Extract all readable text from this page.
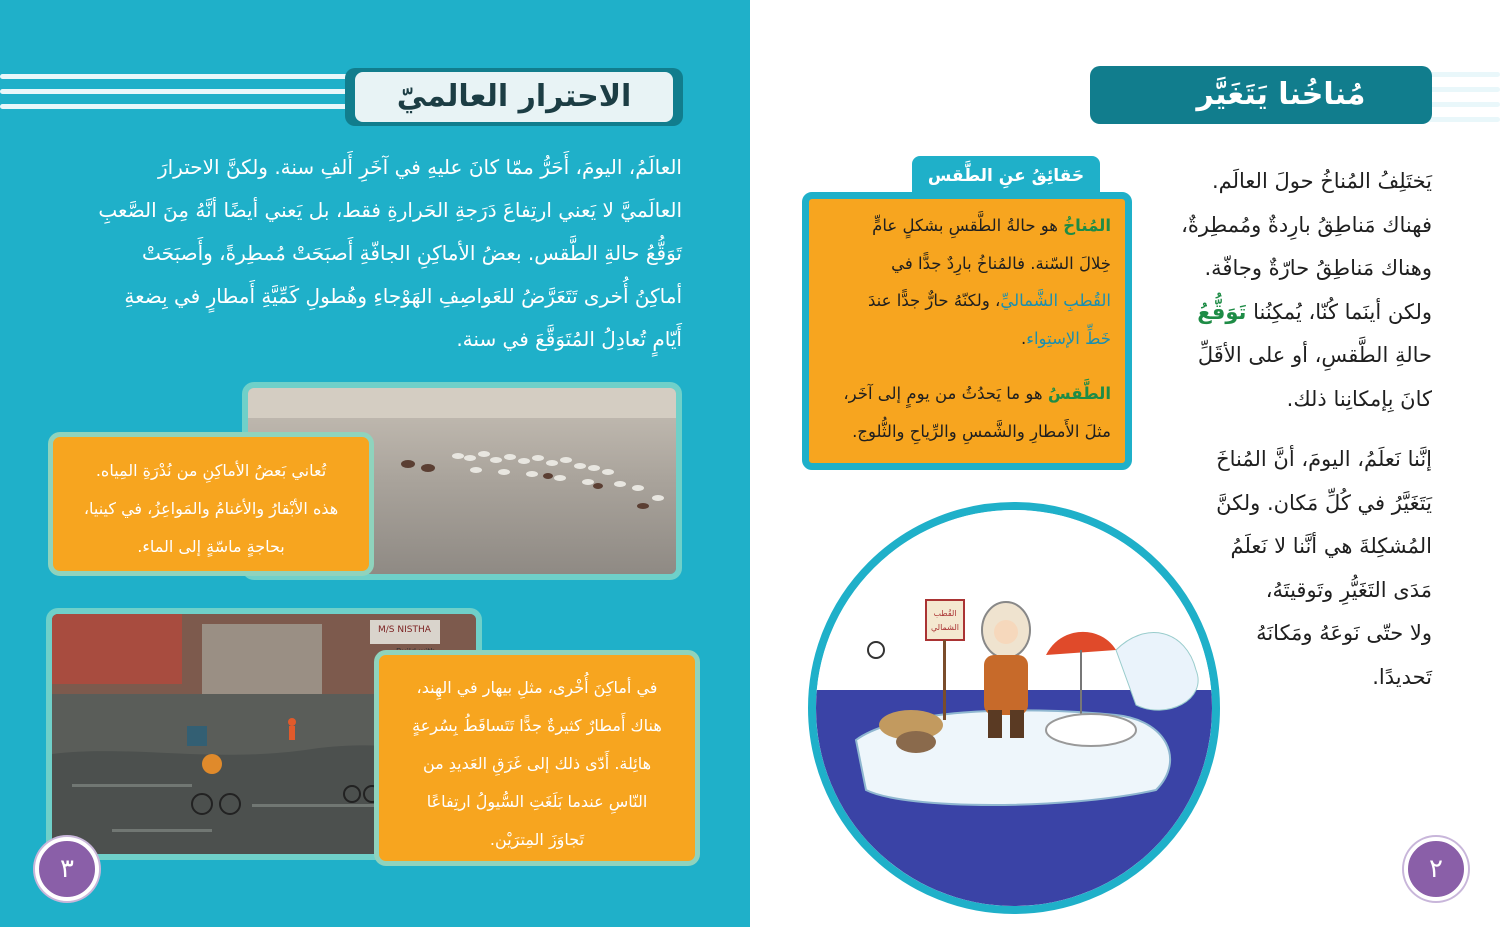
الاحترار العالميّ
العالَمُ، اليومَ، أَحَرُّ ممّا كانَ عليهِ في آخَرِ أَلفِ سنة. ولكنَّ الاحترارَ
العالَميَّ لا يَعني ارتِفاعَ دَرَجةِ الحَرارةِ فقط، بل يَعني أيضًا أنَّهُ مِنَ الصَّعبِ
تَوَقُّعُ حالةِ الطَّقس. بعضُ الأماكِنِ الجافّةِ أَصبَحَتْ مُمطِرةً، وأَصبَحَتْ
أماكِنُ أُخرى تَتَعَرَّضُ للعَواصِفِ الهَوْجاءِ وهُطولِ كَمِّيَّةِ أَمطارٍ في بِضعةِ
أَيّامٍ تُعادِلُ المُتَوَقَّعَ في سنة.
تُعاني بَعضُ الأماكِنِ من نُدْرَةِ المِياه.
هذه الأبْقارُ والأغنامُ والمَواعِزُ، في كينيا،
بحاجةٍ ماسّةٍ إلى الماء.
M/S NISTHA
في أماكِنَ أُخْرى، مثلِ بيهار في الهِند،
هناك أَمطارٌ كثيرةٌ جدًّا تَتَساقَطُ بِسُرعةٍ
هائِلة. أَدّى ذلك إلى غَرَقِ العَديدِ من
النّاسِ عندما بَلَغَتِ السُّيولُ ارتِفاعًا
تَجاوَزَ المِترَيْن.
٣
مُناخُنا يَتَغَيَّر
يَختَلِفُ المُناخُ حولَ العالَم.
فهناك مَناطِقُ بارِدةٌ ومُمطِرةٌ،
وهناك مَناطِقُ حارّةٌ وجافّة.
ولكن أينَما كُنّا، يُمكِنُنا تَوَقُّعُ
حالةِ الطَّقسِ، أو على الأقَلِّ
كانَ بِإمكانِنا ذلك.
إنَّنا نَعلَمُ، اليومَ، أنَّ المُناخَ
يَتَغَيَّرُ في كُلِّ مَكان. ولكنَّ
المُشكِلةَ هي أنَّنا لا نَعلَمُ
مَدَى التَغَيُّرِ وتَوقيتَهُ،
ولا حتّى نَوعَهُ ومَكانَهُ
تَحديدًا.
حَقائِقُ عنِ الطَّقس
المُناخُ هو حالةُ الطَّقسِ بشكلٍ عامٍّ
خِلالَ السّنة. فالمُناخُ بارِدٌ جدًّا في
القُطبِ الشَّماليِّ، ولكنّهُ حارٌّ جدًّا عندَ
خَطِّ الإستِواء.
الطَّقسُ هو ما يَحدُثُ من يومٍ إلى آخَر،
مثلَ الأَمطارِ والشَّمسِ والرِّياحِ والثُّلوج.
القُطب
الشمالي
٢
